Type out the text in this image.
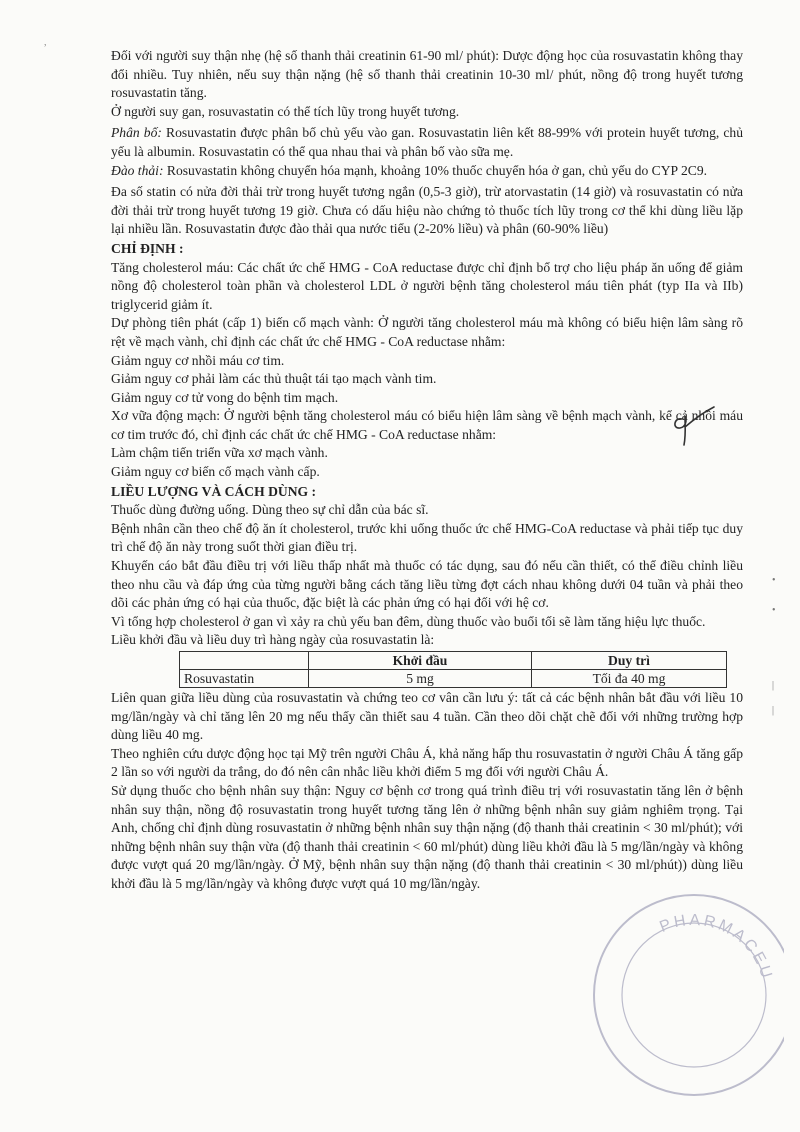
,

Đối với người suy thận nhẹ (hệ số thanh thải creatinin 61-90 ml/ phút): Dược động học của rosuvastatin không thay đổi nhiều. Tuy nhiên, nếu suy thận nặng (hệ số thanh thải creatinin 10-30 ml/ phút, nồng độ trong huyết tương rosuvastatin tăng.

Ở người suy gan, rosuvastatin có thể tích lũy trong huyết tương.

Phân bố: Rosuvastatin được phân bố chủ yếu vào gan. Rosuvastatin liên kết 88-99% với protein huyết tương, chủ yếu là albumin. Rosuvastatin có thể qua nhau thai và phân bố vào sữa mẹ.

Đào thải: Rosuvastatin không chuyển hóa mạnh, khoảng 10% thuốc chuyển hóa ở gan, chủ yếu do CYP 2C9.

Đa số statin có nửa đời thải trừ trong huyết tương ngắn (0,5-3 giờ), trừ atorvastatin (14 giờ) và rosuvastatin có nửa đời thải trừ trong huyết tương 19 giờ. Chưa có dấu hiệu nào chứng tỏ thuốc tích lũy trong cơ thể khi dùng liều lặp lại nhiều lần. Rosuvastatin được đào thải qua nước tiểu (2-20% liều) và phân (60-90% liều)

CHỈ ĐỊNH :

Tăng cholesterol máu: Các chất ức chế HMG - CoA reductase được chỉ định bổ trợ cho liệu pháp ăn uống để giảm nồng độ cholesterol toàn phần và cholesterol LDL ở người bệnh tăng cholesterol máu tiên phát (typ IIa và IIb) triglycerid giảm ít.

Dự phòng tiên phát (cấp 1) biến cố mạch vành: Ở người tăng cholesterol máu mà không có biểu hiện lâm sàng rõ rệt về mạch vành, chỉ định các chất ức chế HMG - CoA reductase nhằm:

Giảm nguy cơ nhồi máu cơ tim.

Giảm nguy cơ phải làm các thủ thuật tái tạo mạch vành tim.

Giảm nguy cơ tử vong do bệnh tim mạch.

Xơ vữa động mạch: Ở người bệnh tăng cholesterol máu có biểu hiện lâm sàng về bệnh mạch vành, kể cả nhồi máu cơ tim trước đó, chỉ định các chất ức chế HMG - CoA reductase nhằm:

Làm chậm tiến triển vữa xơ mạch vành.

Giảm nguy cơ biến cố mạch vành cấp.

LIỀU LƯỢNG VÀ CÁCH DÙNG :

Thuốc dùng đường uống. Dùng theo sự chỉ dẫn của bác sĩ.

Bệnh nhân cần theo chế độ ăn ít cholesterol, trước khi uống thuốc ức chế HMG-CoA reductase và phải tiếp tục duy trì chế độ ăn này trong suốt thời gian điều trị.

Khuyến cáo bắt đầu điều trị với liều thấp nhất mà thuốc có tác dụng, sau đó nếu cần thiết, có thể điều chỉnh liều theo nhu cầu và đáp ứng của từng người bằng cách tăng liều từng đợt cách nhau không dưới 04 tuần và phải theo dõi các phản ứng có hại của thuốc, đặc biệt là các phản ứng có hại đối với hệ cơ.

Vì tổng hợp cholesterol ở gan vì xảy ra chủ yếu ban đêm, dùng thuốc vào buổi tối sẽ làm tăng hiệu lực thuốc.

Liều khởi đầu và liều duy trì hàng ngày của rosuvastatin là:

	Khởi đầu	Duy trì
Rosuvastatin	5 mg	Tối đa 40 mg

Liên quan giữa liều dùng của rosuvastatin và chứng teo cơ vân cần lưu ý: tất cả các bệnh nhân bắt đầu với liều 10 mg/lần/ngày và chỉ tăng lên 20 mg nếu thấy cần thiết sau 4 tuần. Cần theo dõi chặt chẽ đối với những trường hợp dùng liều 40 mg.

Theo nghiên cứu dược động học tại Mỹ trên người Châu Á, khả năng hấp thu rosuvastatin ở người Châu Á tăng gấp 2 lần so với người da trắng, do đó nên cân nhắc liều khởi điểm 5 mg đối với người Châu Á.

Sử dụng thuốc cho bệnh nhân suy thận: Nguy cơ bệnh cơ trong quá trình điều trị với rosuvastatin tăng lên ở bệnh nhân suy thận, nồng độ rosuvastatin trong huyết tương tăng lên ở những bệnh nhân suy giảm nghiêm trọng. Tại Anh, chống chỉ định dùng rosuvastatin ở những bệnh nhân suy thận nặng (độ thanh thải creatinin < 30 ml/phút); với những bệnh nhân suy thận vừa (độ thanh thải creatinin < 60 ml/phút) dùng liều khởi đầu là 5 mg/lần/ngày và không được vượt quá 20 mg/lần/ngày. Ở Mỹ, bệnh nhân suy thận nặng (độ thanh thải creatinin < 30 ml/phút)) dùng liều khởi đầu là 5 mg/lần/ngày và không được vượt quá 10 mg/lần/ngày.

PHARMACEU
•
•
|
|
